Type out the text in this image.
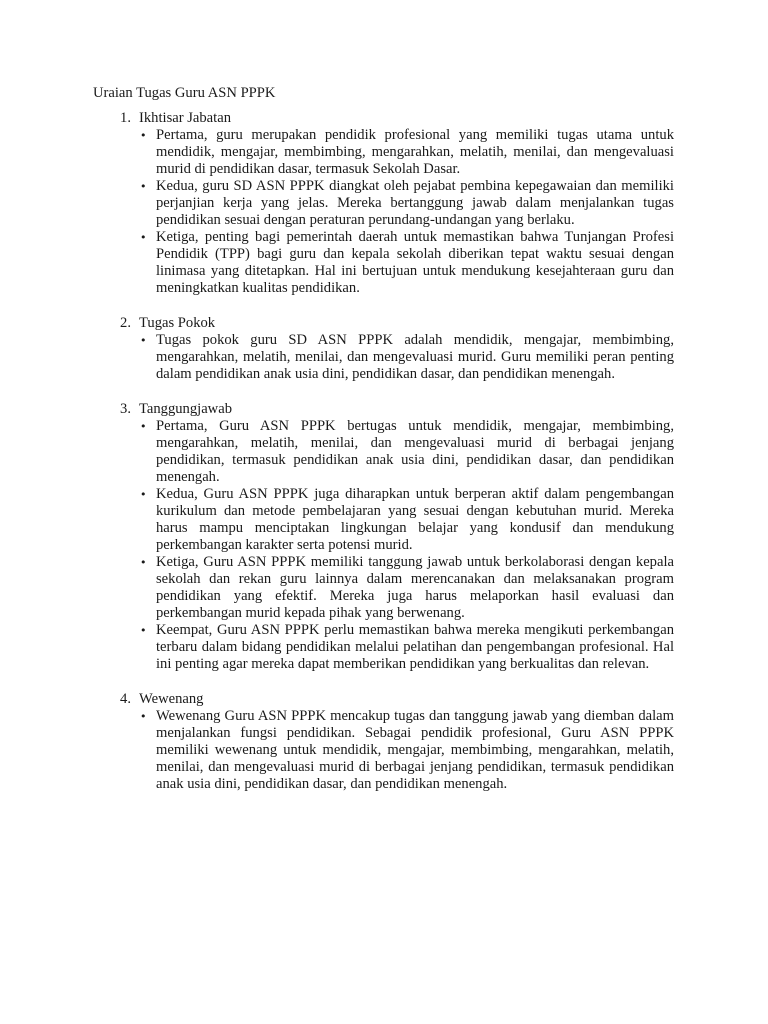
Uraian Tugas Guru ASN PPPK
1. Ikhtisar Jabatan
• Pertama, guru merupakan pendidik profesional yang memiliki tugas utama untuk mendidik, mengajar, membimbing, mengarahkan, melatih, menilai, dan mengevaluasi murid di pendidikan dasar, termasuk Sekolah Dasar.
• Kedua, guru SD ASN PPPK diangkat oleh pejabat pembina kepegawaian dan memiliki perjanjian kerja yang jelas. Mereka bertanggung jawab dalam menjalankan tugas pendidikan sesuai dengan peraturan perundang-undangan yang berlaku.
• Ketiga, penting bagi pemerintah daerah untuk memastikan bahwa Tunjangan Profesi Pendidik (TPP) bagi guru dan kepala sekolah diberikan tepat waktu sesuai dengan linimasa yang ditetapkan. Hal ini bertujuan untuk mendukung kesejahteraan guru dan meningkatkan kualitas pendidikan.
2. Tugas Pokok
• Tugas pokok guru SD ASN PPPK adalah mendidik, mengajar, membimbing, mengarahkan, melatih, menilai, dan mengevaluasi murid. Guru memiliki peran penting dalam pendidikan anak usia dini, pendidikan dasar, dan pendidikan menengah.
3. Tanggungjawab
• Pertama, Guru ASN PPPK bertugas untuk mendidik, mengajar, membimbing, mengarahkan, melatih, menilai, dan mengevaluasi murid di berbagai jenjang pendidikan, termasuk pendidikan anak usia dini, pendidikan dasar, dan pendidikan menengah.
• Kedua, Guru ASN PPPK juga diharapkan untuk berperan aktif dalam pengembangan kurikulum dan metode pembelajaran yang sesuai dengan kebutuhan murid. Mereka harus mampu menciptakan lingkungan belajar yang kondusif dan mendukung perkembangan karakter serta potensi murid.
• Ketiga, Guru ASN PPPK memiliki tanggung jawab untuk berkolaborasi dengan kepala sekolah dan rekan guru lainnya dalam merencanakan dan melaksanakan program pendidikan yang efektif. Mereka juga harus melaporkan hasil evaluasi dan perkembangan murid kepada pihak yang berwenang.
• Keempat, Guru ASN PPPK perlu memastikan bahwa mereka mengikuti perkembangan terbaru dalam bidang pendidikan melalui pelatihan dan pengembangan profesional. Hal ini penting agar mereka dapat memberikan pendidikan yang berkualitas dan relevan.
4. Wewenang
• Wewenang Guru ASN PPPK mencakup tugas dan tanggung jawab yang diemban dalam menjalankan fungsi pendidikan. Sebagai pendidik profesional, Guru ASN PPPK memiliki wewenang untuk mendidik, mengajar, membimbing, mengarahkan, melatih, menilai, dan mengevaluasi murid di berbagai jenjang pendidikan, termasuk pendidikan anak usia dini, pendidikan dasar, dan pendidikan menengah.
